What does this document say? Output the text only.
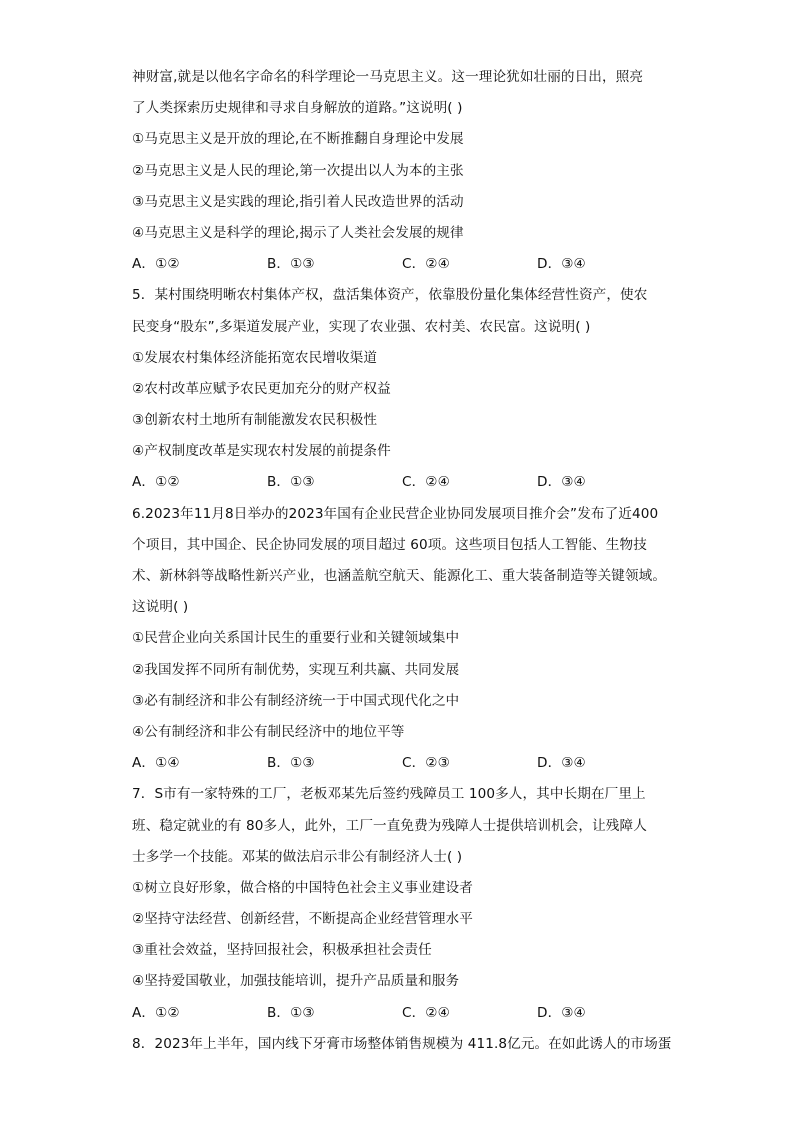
神财富,就是以他名字命名的科学理论一马克思主义。这一理论犹如壮丽的日出，照亮
了人类探索历史规律和寻求自身解放的道路。”这说明( )
①马克思主义是开放的理论,在不断推翻自身理论中发展
②马克思主义是人民的理论,第一次提出以人为本的主张
③马克思主义是实践的理论,指引着人民改造世界的活动
④马克思主义是科学的理论,揭示了人类社会发展的规律
A．①②	B．①③	C．②④	D．③④
5．某村围绕明晰农村集体产权，盘活集体资产，依靠股份量化集体经营性资产，使农
民变身“股东”,多渠道发展产业，实现了农业强、农村美、农民富。这说明( )
①发展农村集体经济能拓宽农民增收渠道
②农村改革应赋予农民更加充分的财产权益
③创新农村土地所有制能激发农民积极性
④产权制度改革是实现农村发展的前提条件
A．①②	B．①③	C．②④	D．③④
6.2023年11月8日举办的2023年国有企业民营企业协同发展项目推介会”发布了近400
个项目，其中国企、民企协同发展的项目超过 60项。这些项目包括人工智能、生物技
术、新林斜等战略性新兴产业，也涵盖航空航天、能源化工、重大装备制造等关键领域。
这说明( )
①民营企业向关系国计民生的重要行业和关键领域集中
②我国发挥不同所有制优势，实现互利共赢、共同发展
③必有制经济和非公有制经济统一于中国式现代化之中
④公有制经济和非公有制民经济中的地位平等
A．①④	B．①③	C．②③	D．③④
7．S市有一家特殊的工厂，老板邓某先后签约残障员工 100多人，其中长期在厂里上
班、稳定就业的有 80多人，此外，工厂一直免费为残障人士提供培训机会，让残障人
士多学一个技能。邓某的做法启示非公有制经济人士( )
①树立良好形象，做合格的中国特色社会主义事业建设者
②坚持守法经营、创新经营，不断提高企业经营管理水平
③重社会效益，坚持回报社会，积极承担社会责任
④坚持爱国敬业，加强技能培训，提升产品质量和服务
A．①②	B．①③	C．②④	D．③④
8．2023年上半年，国内线下牙膏市场整体销售规模为 411.8亿元。在如此诱人的市场蛋
